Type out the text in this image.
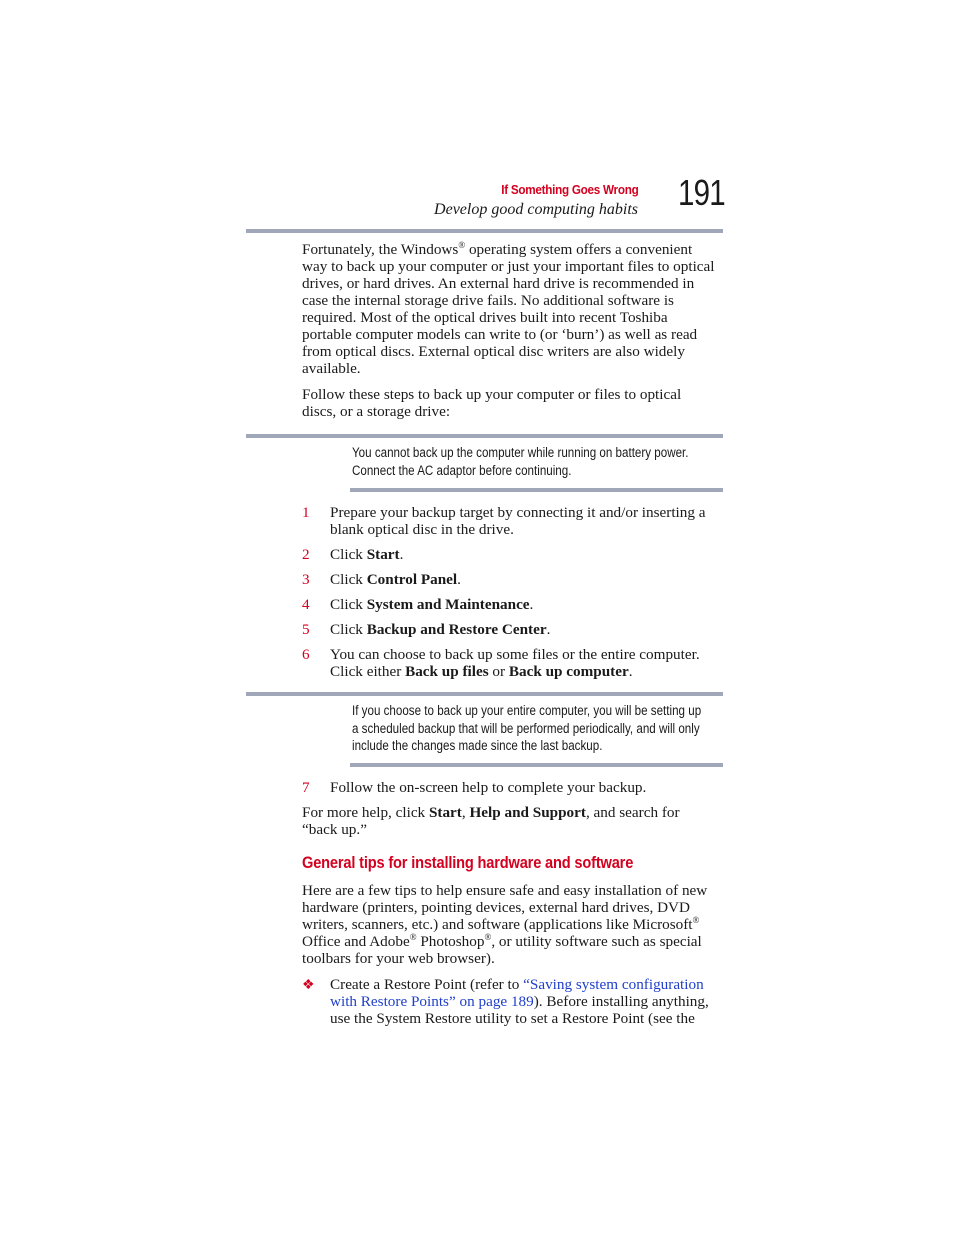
If Something Goes Wrong
Develop good computing habits 191

Fortunately, the Windows® operating system offers a convenient

way to back up your computer or just your important files to optical

drives, or hard drives. An external hard drive is recommended in

case the internal storage drive fails. No additional software is

required. Most of the optical drives built into recent Toshiba

portable computer models can write to (or ‘burn’) as well as read

from optical discs. External optical disc writers are also widely

available.

Follow these steps to back up your computer or files to optical

discs, or a storage drive:

You cannot back up the computer while running on battery power.
Connect the AC adaptor before continuing.
1 Prepare your backup target by connecting it and/or inserting a
blank optical disc in the drive.
2 Click Start.
3 Click Control Panel.
4 Click System and Maintenance.
5 Click Backup and Restore Center.
6 You can choose to back up some files or the entire computer.
Click either Back up files or Back up computer.
If you choose to back up your entire computer, you will be setting up
a scheduled backup that will be performed periodically, and will only
include the changes made since the last backup.
7 Follow the on-screen help to complete your backup.

For more help, click Start, Help and Support, and search for

“back up.”

General tips for installing hardware and software

Here are a few tips to help ensure safe and easy installation of new

hardware (printers, pointing devices, external hard drives, DVD

writers, scanners, etc.) and software (applications like Microsoft®

Office and Adobe® Photoshop®, or utility software such as special

toolbars for your web browser).

❖ Create a Restore Point (refer to “Saving system configuration
with Restore Points” on page 189). Before installing anything,
use the System Restore utility to set a Restore Point (see the
